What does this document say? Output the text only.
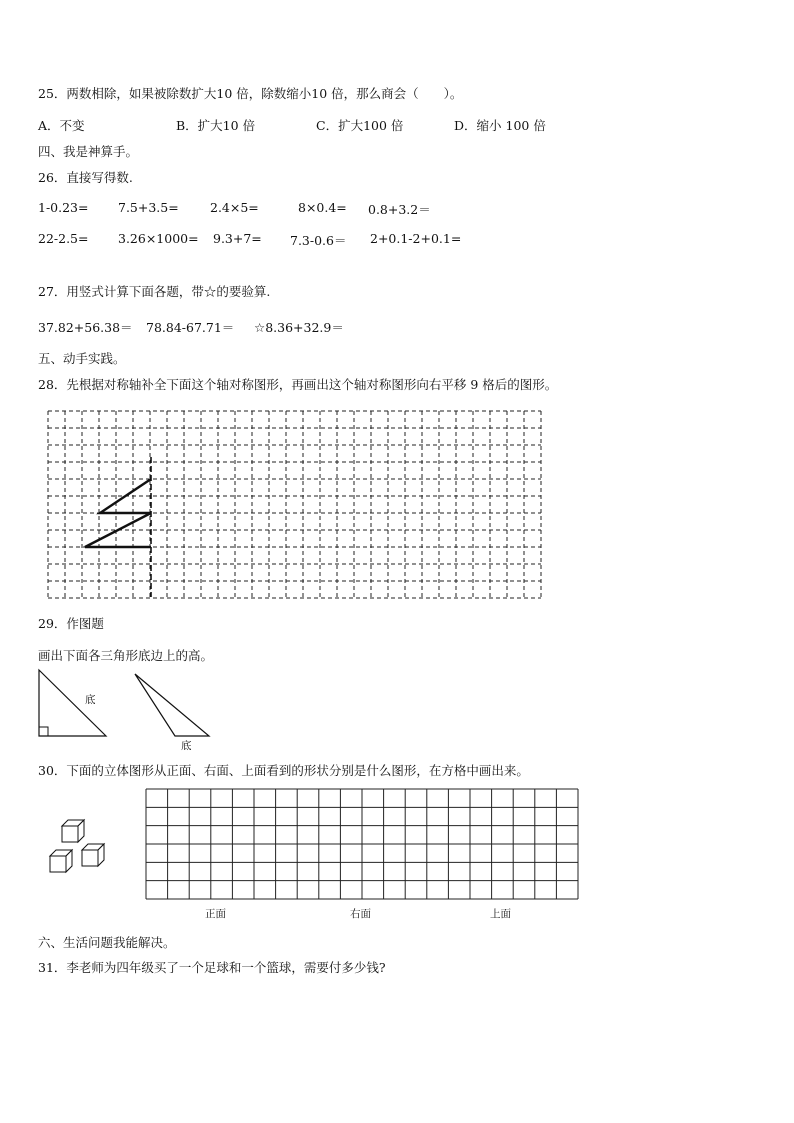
25．两数相除，如果被除数扩大10 倍，除数缩小10 倍，那么商会（　　）。
A．不变	B．扩大10 倍	C．扩大100 倍	D．缩小 100 倍
四、我是神算手。
26．直接写得数.
1-0.23= 7.5+3.5=	2.4×5=	8×0.4= 0.8+3.2＝
22-2.5= 3.26×1000= 9.3+7= 7.3-0.6＝ 2+0.1-2+0.1=
27．用竖式计算下面各题，带☆的要验算.
37.82+56.38＝ 78.84-67.71＝ ☆8.36+32.9＝
五、动手实践。
28．先根据对称轴补全下面这个轴对称图形，再画出这个轴对称图形向右平移 9 格后的图形。
29．作图题
画出下面各三角形底边上的高。
底
底
30．下面的立体图形从正面、右面、上面看到的形状分别是什么图形，在方格中画出来。
正面	右面	上面
六、生活问题我能解决。
31．李老师为四年级买了一个足球和一个篮球，需要付多少钱?
